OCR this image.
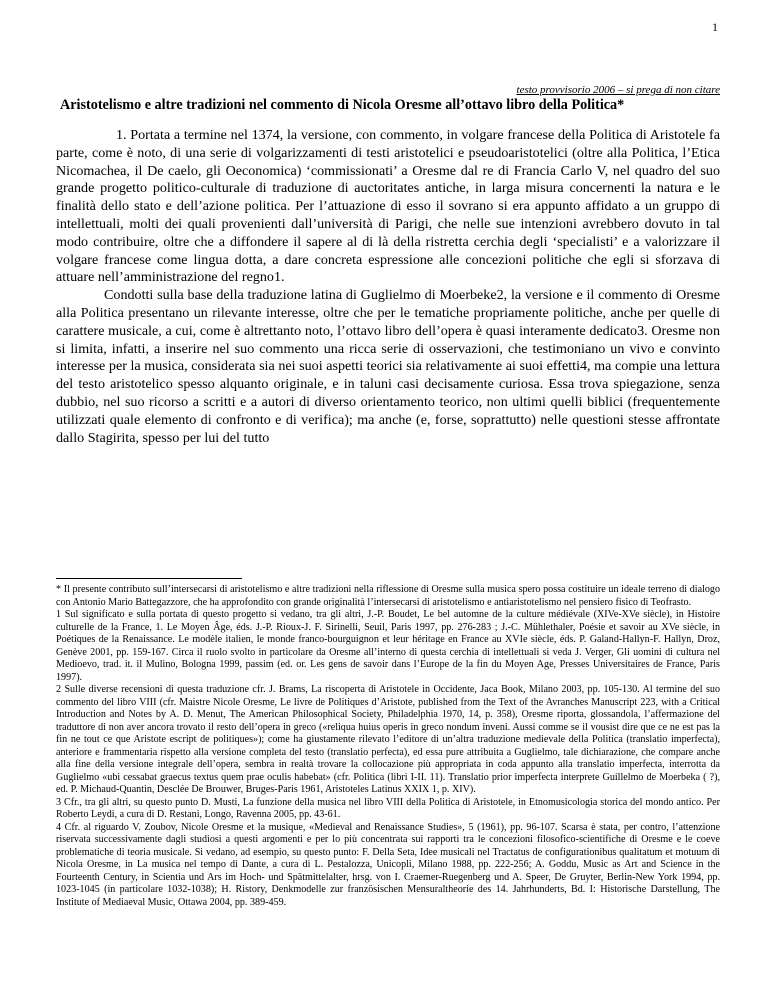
1
testo provvisorio 2006 – si prega di non citare
Aristotelismo e altre tradizioni nel commento di Nicola Oresme all’ottavo libro della Politica*

1. Portata a termine nel 1374, la versione, con commento, in volgare francese della Politica di Aristotele fa parte, come è noto, di una serie di volgarizzamenti di testi aristotelici e pseudoaristotelici (oltre alla Politica, l’Etica Nicomachea, il De caelo, gli Oeconomica) ‘commissionati’ a Oresme dal re di Francia Carlo V, nel quadro del suo grande progetto politico-culturale di traduzione di auctoritates antiche, in larga misura concernenti la natura e le finalità dello stato e dell’azione politica. Per l’attuazione di esso il sovrano si era appunto affidato a un gruppo di intellettuali, molti dei quali provenienti dall’università di Parigi, che nelle sue intenzioni avrebbero dovuto in tal modo contribuire, oltre che a diffondere il sapere al di là della ristretta cerchia degli ‘specialisti’ e a valorizzare il volgare francese come lingua dotta, a dare concreta espressione alle concezioni politiche che egli si sforzava di attuare nell’amministrazione del regno1.

Condotti sulla base della traduzione latina di Guglielmo di Moerbeke2, la versione e il commento di Oresme alla Politica presentano un rilevante interesse, oltre che per le tematiche propriamente politiche, anche per quelle di carattere musicale, a cui, come è altrettanto noto, l’ottavo libro dell’opera è quasi interamente dedicato3. Oresme non si limita, infatti, a inserire nel suo commento una ricca serie di osservazioni, che testimoniano un vivo e convinto interesse per la musica, considerata sia nei suoi aspetti teorici sia relativamente ai suoi effetti4, ma compie una lettura del testo aristotelico spesso alquanto originale, e in taluni casi decisamente curiosa. Essa trova spiegazione, senza dubbio, nel suo ricorso a scritti e a autori di diverso orientamento teorico, non ultimi quelli biblici (frequentemente utilizzati quale elemento di confronto e di verifica); ma anche (e, forse, soprattutto) nelle questioni stesse affrontate dallo Stagirita, spesso per lui del tutto

* Il presente contributo sull’intersecarsi di aristotelismo e altre tradizioni nella riflessione di Oresme sulla musica spero possa costituire un ideale terreno di dialogo con Antonio Mario Battegazzore, che ha approfondito con grande originalità l’intersecarsi di aristotelismo e antiaristotelismo nel pensiero fisico di Teofrasto.

1 Sul significato e sulla portata di questo progetto si vedano, tra gli altri, J.-P. Boudet, Le bel automne de la culture médiévale (XIVe-XVe siècle), in Histoire culturelle de la France, 1. Le Moyen Âge, éds. J.-P. Rioux-J. F. Sirinelli, Seuil, Paris 1997, pp. 276-283 ; J.-C. Mühlethaler, Poésie et savoir au XVe siècle, in Poétiques de la Renaissance. Le modèle italien, le monde franco-bourguignon et leur héritage en France au XVIe siècle, éds. P. Galand-Hallyn-F. Hallyn, Droz, Genève 2001, pp. 159-167. Circa il ruolo svolto in particolare da Oresme all’interno di questa cerchia di intellettuali si veda J. Verger, Gli uomini di cultura nel Medioevo, trad. it. il Mulino, Bologna 1999, passim (ed. or. Les gens de savoir dans l’Europe de la fin du Moyen Age, Presses Universitaires de France, Paris 1997).

2 Sulle diverse recensioni di questa traduzione cfr. J. Brams, La riscoperta di Aristotele in Occidente, Jaca Book, Milano 2003, pp. 105-130. Al termine del suo commento del libro VIII (cfr. Maistre Nicole Oresme, Le livre de Politiques d’Aristote, published from the Text of the Avranches Manuscript 223, with a Critical Introduction and Notes by A. D. Menut, The American Philosophical Society, Philadelphia 1970, 14, p. 358), Oresme riporta, glossandola, l’affermazione del traduttore di non aver ancora trovato il resto dell’opera in greco («reliqua huius operis in greco nondum inveni. Aussi comme se il vousist dire que ce ne est pas la fin ne tout ce que Aristote escript de politiques»); come ha giustamente rilevato l’editore di un’altra traduzione medievale della Politica (translatio imperfecta), anteriore e frammentaria rispetto alla versione completa del testo (translatio perfecta), ed essa pure attribuita a Guglielmo, tale dichiarazione, che compare anche alla fine della versione integrale dell’opera, sembra in realtà trovare la collocazione più appropriata in coda appunto alla translatio imperfecta, interrotta da Guglielmo «ubi cessabat graecus textus quem prae oculis habebat» (cfr. Politica (libri I-II. 11). Translatio prior imperfecta interprete Guillelmo de Moerbeka ( ?), ed. P. Michaud-Quantin, Desclée De Brouwer, Bruges-Paris 1961, Aristoteles Latinus XXIX 1, p. XIV).

3 Cfr., tra gli altri, su questo punto D. Musti, La funzione della musica nel libro VIII della Politica di Aristotele, in Etnomusicologia storica del mondo antico. Per Roberto Leydi, a cura di D. Restani, Longo, Ravenna 2005, pp. 43-61.

4 Cfr. al riguardo V. Zoubov, Nicole Oresme et la musique, «Medieval and Renaissance Studies», 5 (1961), pp. 96-107. Scarsa è stata, per contro, l’attenzione riservata successivamente dagli studiosi a questi argomenti e per lo più concentrata sui rapporti tra le concezioni filosofico-scientifiche di Oresme e le coeve problematiche di teoria musicale. Si vedano, ad esempio, su questo punto: F. Della Seta, Idee musicali nel Tractatus de configurationibus qualitatum et motuum di Nicola Oresme, in La musica nel tempo di Dante, a cura di L. Pestalozza, Unicopli, Milano 1988, pp. 222-256; A. Goddu, Music as Art and Science in the Fourteenth Century, in Scientia und Ars im Hoch- und Spätmittelalter, hrsg. von I. Craemer-Ruegenberg und A. Speer, De Gruyter, Berlin-New York 1994, pp. 1023-1045 (in particolare 1032-1038); H. Ristory, Denkmodelle zur französischen Mensuraltheorie des 14. Jahrhunderts, Bd. I: Historische Darstellung, The Institute of Mediaeval Music, Ottawa 2004, pp. 389-459.
